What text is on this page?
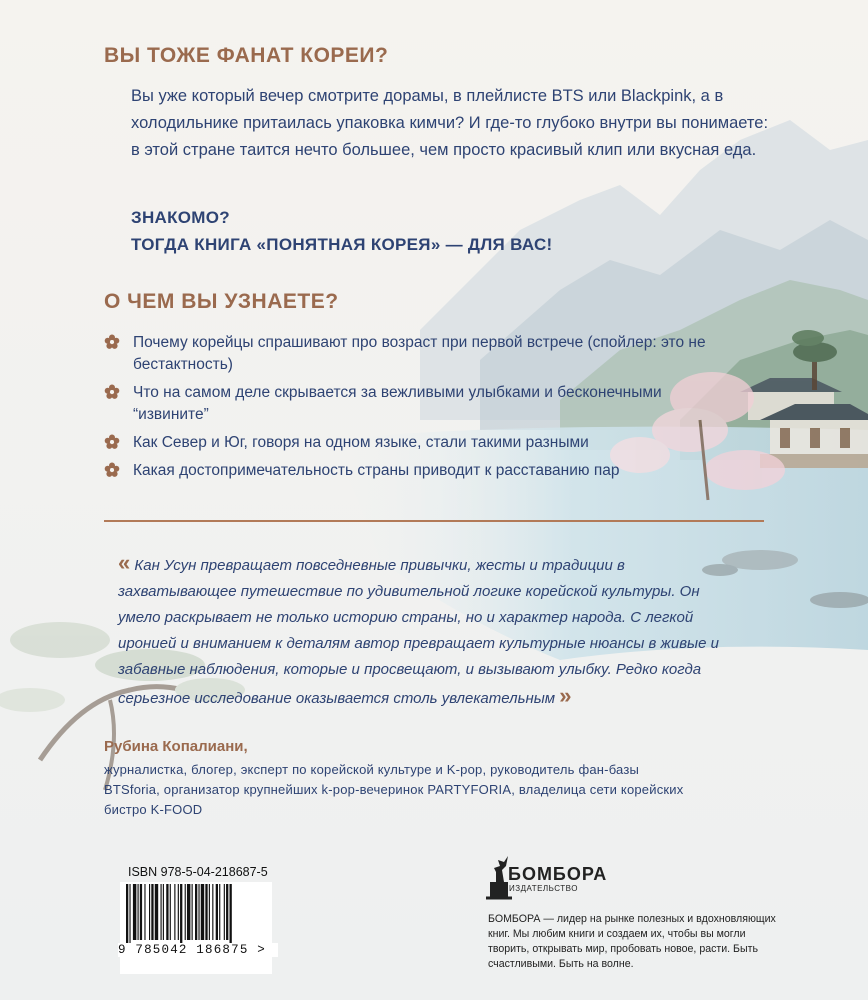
ВЫ ТОЖЕ ФАНАТ КОРЕИ?

Вы уже который вечер смотрите дорамы, в плейлисте BTS или Blackpink, а в холодильнике притаилась упаковка кимчи? И где-то глубоко внутри вы понимаете: в этой стране таится нечто большее, чем просто красивый клип или вкусная еда.

ЗНАКОМО?
ТОГДА КНИГА «ПОНЯТНАЯ КОРЕЯ» — ДЛЯ ВАС!
О ЧЕМ ВЫ УЗНАЕТЕ?
Почему корейцы спрашивают про возраст при первой встрече (спойлер: это не бестактность)
Что на самом деле скрывается за вежливыми улыбками и бесконечными “извините”
Как Север и Юг, говоря на одном языке, стали такими разными
Какая достопримечательность страны приводит к расставанию пар

« Кан Усун превращает повседневные привычки, жесты и традиции в захватывающее путешествие по удивительной логике корейской культуры. Он умело раскрывает не только историю страны, но и характер народа. С легкой иронией и вниманием к деталям автор превращает культурные нюансы в живые и забавные наблюдения, которые и просвещают, и вызывают улыбку. Редко когда серьезное исследование оказывается столь увлекательным »

Рубина Копалиани,

журналистка, блогер, эксперт по корейской культуре и K-pop, руководитель фан-базы BTSforia, организатор крупнейших k-pop-вечеринок PARTYFORIA, владелица сети корейских бистро K-FOOD

ISBN 978-5-04-218687-5
9 785042 186875 >
БОМБОРА
ИЗДАТЕЛЬСТВО

БОМБОРА — лидер на рынке полезных и вдохновляющих книг. Мы любим книги и создаем их, чтобы вы могли творить, открывать мир, пробовать новое, расти. Быть счастливыми. Быть на волне.
